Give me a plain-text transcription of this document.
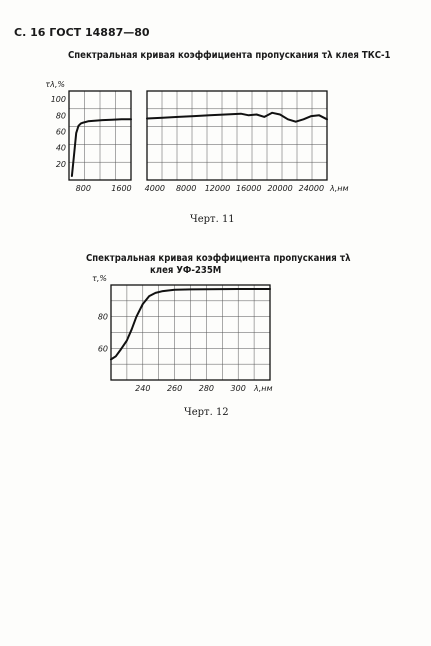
С. 16 ГОСТ 14887—80
Спектральная кривая коэффициента пропускания τλ клея ТКС-1
20
40
60
80
100
800	1600
τλ,%
4000 8000 12000 16000 20000 24000 λ,нм
60
80
240 260 280 300
τ,%
λ,нм
Черт. 11
Спектральная кривая коэффициента пропускания τλ
клея УФ-235М
Черт. 12
